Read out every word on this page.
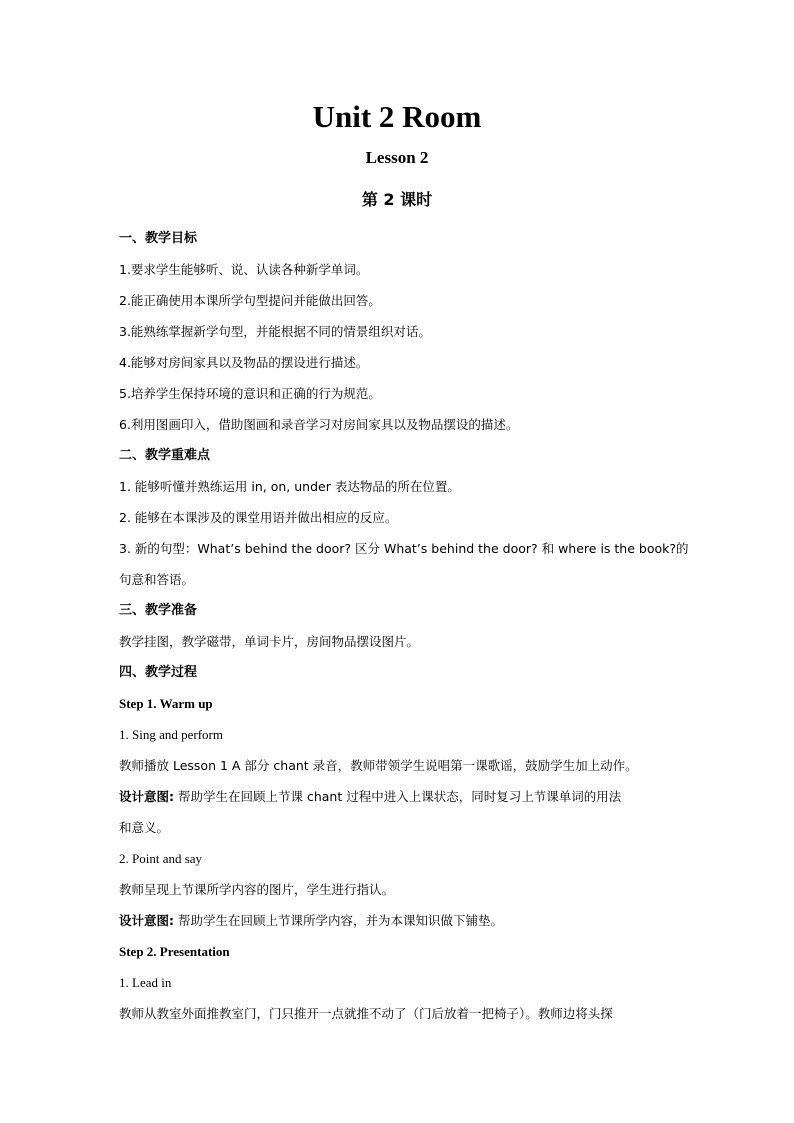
Unit 2 Room
Lesson 2
第 2 课时
一、教学目标
1.要求学生能够听、说、认读各种新学单词。
2.能正确使用本课所学句型提问并能做出回答。
3.能熟练掌握新学句型，并能根据不同的情景组织对话。
4.能够对房间家具以及物品的摆设进行描述。
5.培养学生保持环境的意识和正确的行为规范。
6.利用图画印入，借助图画和录音学习对房间家具以及物品摆设的描述。
二、教学重难点
1. 能够听懂并熟练运用 in, on, under 表达物品的所在位置。
2. 能够在本课涉及的课堂用语并做出相应的反应。
3. 新的句型：What’s behind the door? 区分 What’s behind the door? 和 where is the book?的
句意和答语。
三、教学准备
教学挂图，教学磁带，单词卡片，房间物品摆设图片。
四、教学过程
Step 1. Warm up
1. Sing and perform
教师播放 Lesson 1 A 部分 chant 录音，教师带领学生说唱第一课歌谣，鼓励学生加上动作。
设计意图: 帮助学生在回顾上节课 chant 过程中进入上课状态，同时复习上节课单词的用法
和意义。
2. Point and say
教师呈现上节课所学内容的图片，学生进行指认。
设计意图: 帮助学生在回顾上节课所学内容，并为本课知识做下铺垫。
Step 2. Presentation
1. Lead in
教师从教室外面推教室门，门只推开一点就推不动了（门后放着一把椅子）。教师边将头探
